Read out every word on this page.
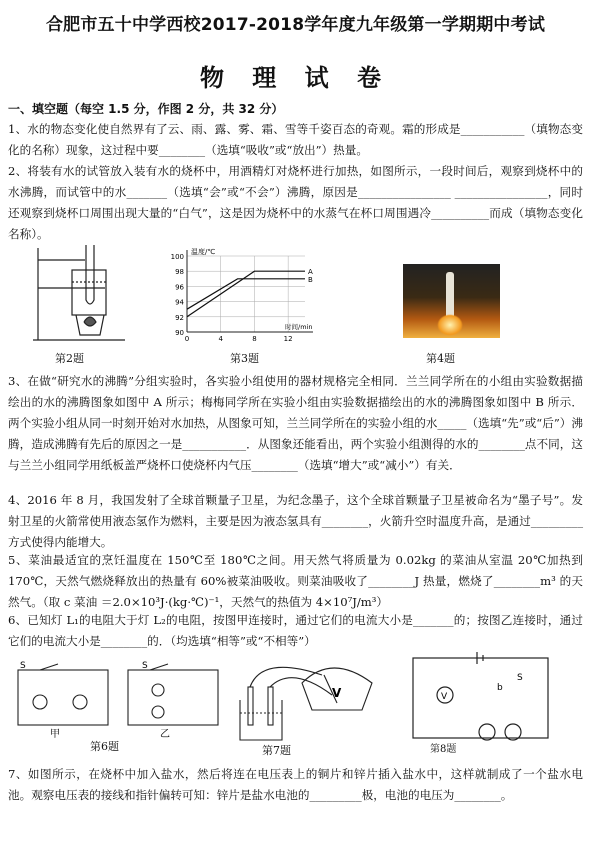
合肥市五十中学西校2017-2018学年度九年级第一学期期中考试
物 理 试 卷
一、填空题（每空 1.5 分，作图 2 分，共 32 分）
1、水的物态变化使自然界有了云、雨、露、雾、霜、雪等千姿百态的奇观。霜的形成是___________（填物态变化的名称）现象，这过程中要________（选填“吸收”或“放出”）热量。
2、将装有水的试管放入装有水的烧杯中，用酒精灯对烧杯进行加热，如图所示，一段时间后，观察到烧杯中的水沸腾，而试管中的水_______（选填“会”或“不会”）沸腾，原因是________________ ________________，同时还观察到烧杯口周围出现大量的“白气”，这是因为烧杯中的水蒸气在杯口周围遇冷__________而成（填物态变化名称）。
第2题
90
92
94
96
98
100
0	4	8	12
温度/℃
时间/min
A
B
第3题	第4题
3、在做“研究水的沸腾”分组实验时，各实验小组使用的器材规格完全相同．兰兰同学所在的小组由实验数据描绘出的水的沸腾图象如图中 A 所示；梅梅同学所在实验小组由实验数据描绘出的水的沸腾图象如图中 B 所示．两个实验小组从同一时刻开始对水加热，从图象可知，兰兰同学所在的实验小组的水_____（选填“先”或“后”）沸腾，造成沸腾有先后的原因之一是___________．从图象还能看出，两个实验小组测得的水的________点不同，这与兰兰小组同学用纸板盖严烧杯口使烧杯内气压________（选填“增大”或“减小”）有关．
4、2016 年 8 月，我国发射了全球首颗量子卫星，为纪念墨子，这个全球首颗量子卫星被命名为“墨子号”。发射卫星的火箭常使用液态氢作为燃料，主要是因为液态氢具有________，火箭升空时温度升高，是通过_________方式使得内能增大。
5、菜油最适宜的烹饪温度在 150℃至 180℃之间。用天然气将质量为 0.02kg 的菜油从室温 20℃加热到170℃，天然气燃烧释放出的热量有 60%被菜油吸收。则菜油吸收了________J 热量，燃烧了________m³ 的天然气。（取 c 菜油 ＝2.0×10³J·(kg·℃)⁻¹，天然气的热值为 4×10⁷J/m³）
6、已知灯 L₁的电阻大于灯 L₂的电阻，按图甲连接时，通过它们的电流大小是_______的；按图乙连接时，通过它们的电流大小是________的．（均选填“相等”或“不相等”）
S	S
甲	乙
第6题
V
第7题
V
b
S
第8题
7、如图所示，在烧杯中加入盐水，然后将连在电压表上的铜片和锌片插入盐水中，这样就制成了一个盐水电池。观察电压表的接线和指针偏转可知：锌片是盐水电池的_________极，电池的电压为________。
